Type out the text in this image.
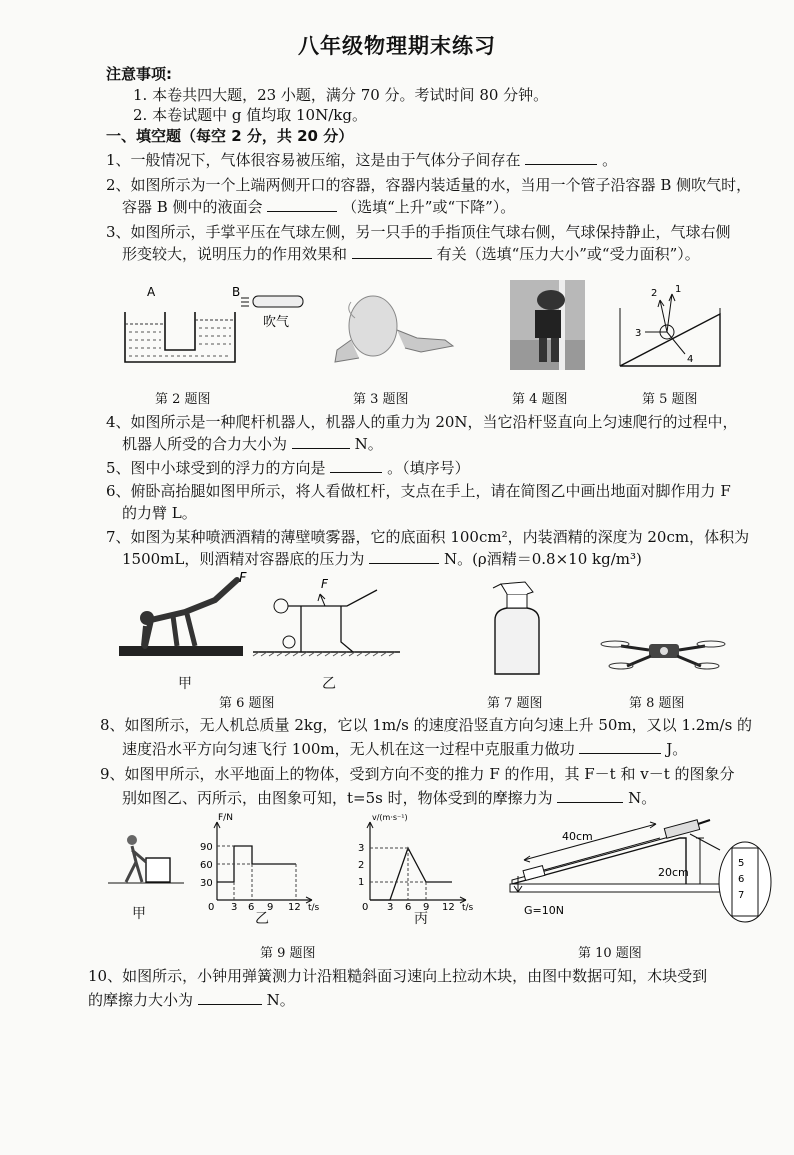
八年级物理期末练习
注意事项:
1. 本卷共四大题，23 小题，满分 70 分。考试时间 80 分钟。
2. 本卷试题中 g 值均取 10N/kg。
一、填空题（每空 2 分，共 20 分）
1、一般情况下，气体很容易被压缩，这是由于气体分子间存在	。
2、如图所示为一个上端两侧开口的容器，容器内装适量的水，当用一个管子沿容器 B 侧吹气时，
容器 B 侧中的液面会	（选填“上升”或“下降”）。
3、如图所示，手掌平压在气球左侧，另一只手的手指顶住气球右侧，气球保持静止，气球右侧
形变较大，说明压力的作用效果和	有关（选填“压力大小”或“受力面积”）。
A	B
吹气
2 1
3
4
第 2 题图	第 3 题图	第 4 题图	第 5 题图
4、如图所示是一种爬杆机器人，机器人的重力为 20N，当它沿杆竖直向上匀速爬行的过程中，
机器人所受的合力大小为	N。
5、图中小球受到的浮力的方向是	。（填序号）
6、俯卧高抬腿如图甲所示，将人看做杠杆，支点在手上，请在简图乙中画出地面对脚作用力 F
的力臂 L。
7、如图为某种喷洒酒精的薄壁喷雾器，它的底面积 100cm²，内装酒精的深度为 20cm，体积为
1500mL，则酒精对容器底的压力为	N。(ρ酒精＝0.8×10 kg/m³)
F	F
甲	乙
第 6 题图	第 7 题图	第 8 题图
8、如图所示，无人机总质量 2kg，它以 1m/s 的速度沿竖直方向匀速上升 50m，又以 1.2m/s 的
速度沿水平方向匀速飞行 100m，无人机在这一过程中克服重力做功	J。
9、如图甲所示，水平地面上的物体，受到方向不变的推力 F 的作用，其 F－t 和 v－t 的图象分
别如图乙、丙所示，由图象可知，t=5s 时，物体受到的摩擦力为	N。
F/N
90
60
30
0 3 6 9 12 t/s
v/(m·s⁻¹)
3
2
1
0 3 6 9 12 t/s
40cm
20cm
G=10N
5
6
7
甲	乙	丙
第 9 题图	第 10 题图
10、如图所示，小钟用弹簧测力计沿粗糙斜面习速向上拉动木块，由图中数据可知，木块受到
的摩擦力大小为	N。
